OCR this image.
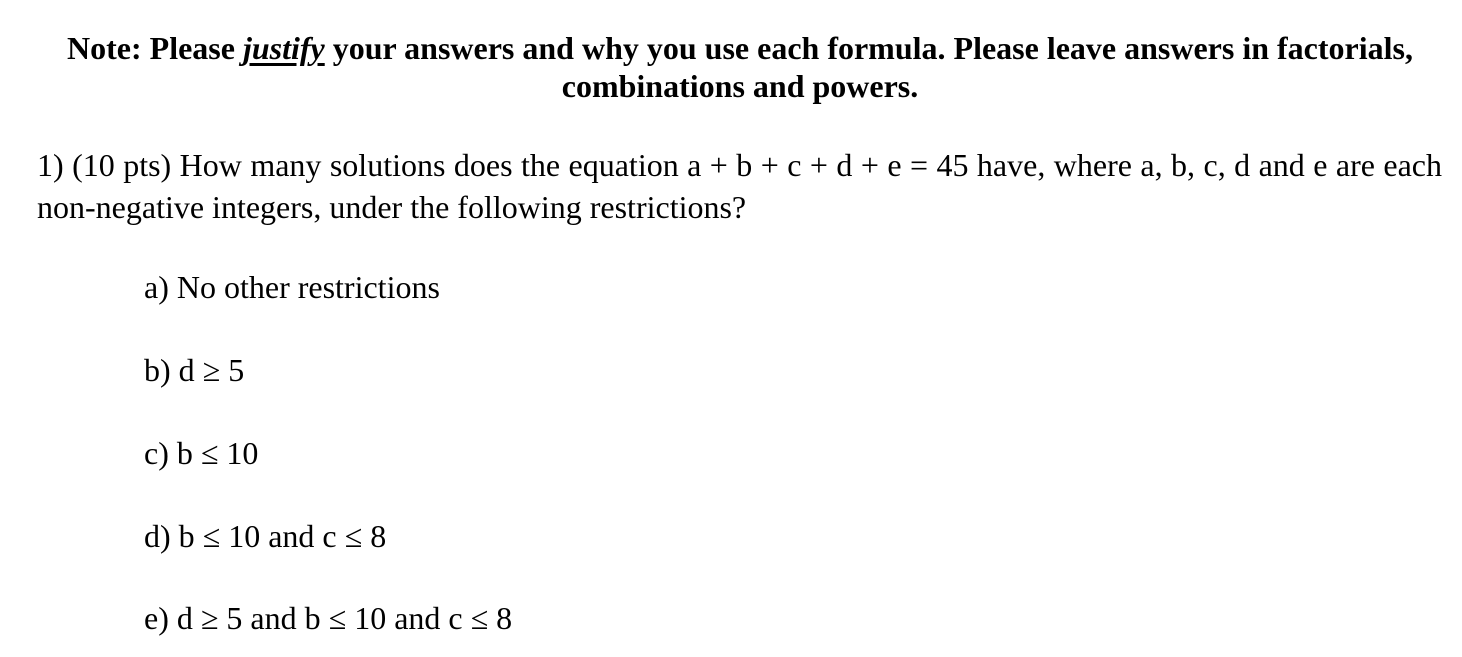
Note: Please justify your answers and why you use each formula. Please leave answers in factorials,
combinations and powers.
1) (10 pts) How many solutions does the equation a + b + c + d + e = 45 have, where a, b, c, d and e are each non-negative integers, under the following restrictions?
a) No other restrictions
b) d ≥ 5
c) b ≤ 10
d) b ≤ 10 and c ≤ 8
e) d ≥ 5 and b ≤ 10 and c ≤ 8
